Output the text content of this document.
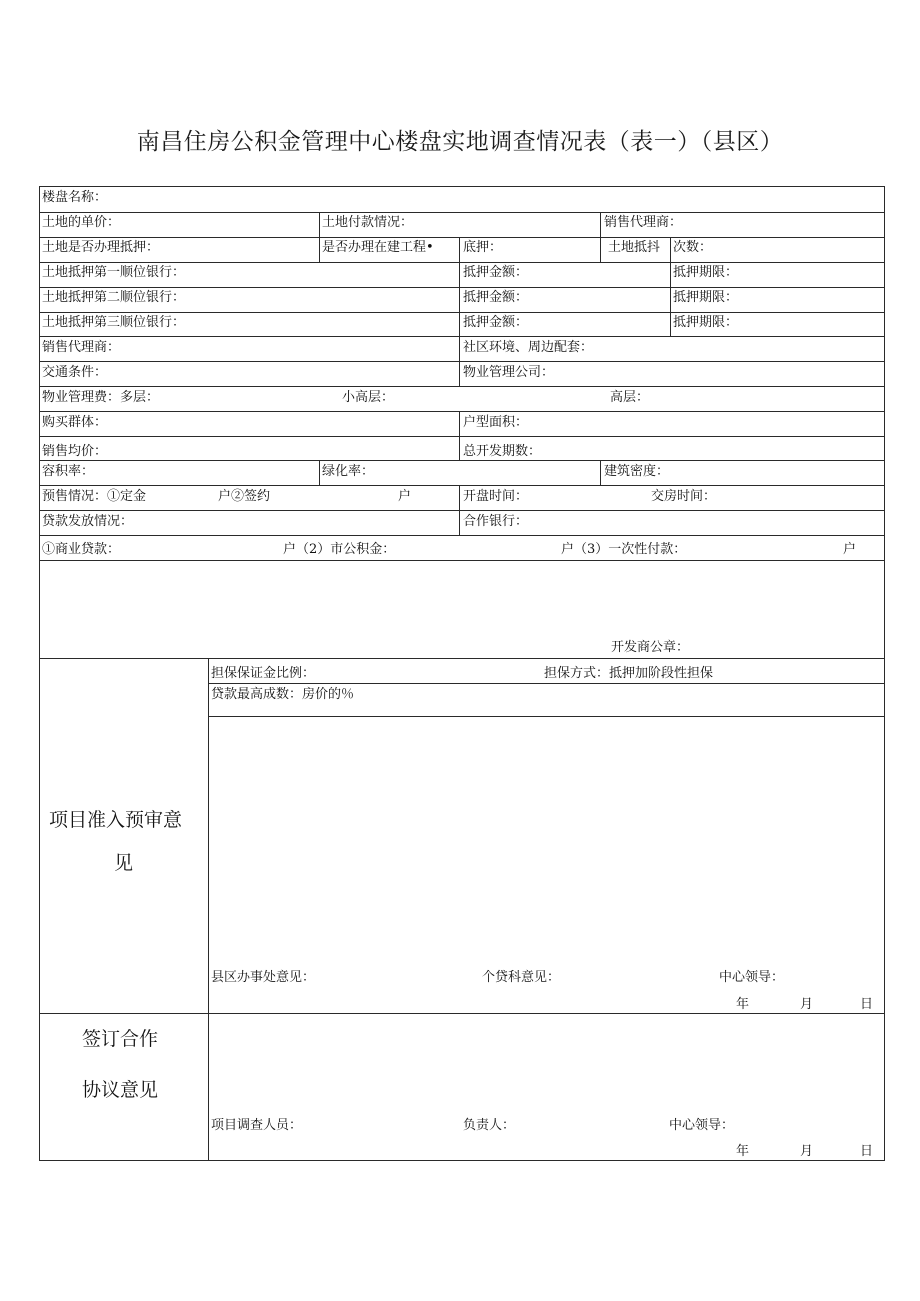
南昌住房公积金管理中心楼盘实地调查情况表（表一）（县区）
楼盘名称：
土地的单价：	土地付款情况：	销售代理商：
土地是否办理抵押：	是否办理在建工程• 底押：	土地抵抖 次数：
土地抵押第一顺位银行：	抵押金额：	抵押期限：
土地抵押第二顺位银行：	抵押金额：	抵押期限：
土地抵押第三顺位银行：	抵押金额：	抵押期限：
销售代理商：	社区环境、周边配套：
交通条件：	物业管理公司：
物业管理费：多层：	小高层：	高层：
购买群体：	户型面积：
销售均价：	总开发期数：
容积率：	绿化率：	建筑密度：
预售情况：①定金	户②签约	户	开盘时间：	交房时间：
贷款发放情况：	合作银行：
①商业贷款：	户（2）市公积金：	户（3）一次性付款：	户
开发商公章：
项目准入预审意
见
担保保证金比例：	担保方式：抵押加阶段性担保
贷款最高成数：房价的％
县区办事处意见：	个贷科意见：	中心领导：
年	月	日
签订合作
协议意见
项目调查人员：	负责人：	中心领导：
年	月	日
